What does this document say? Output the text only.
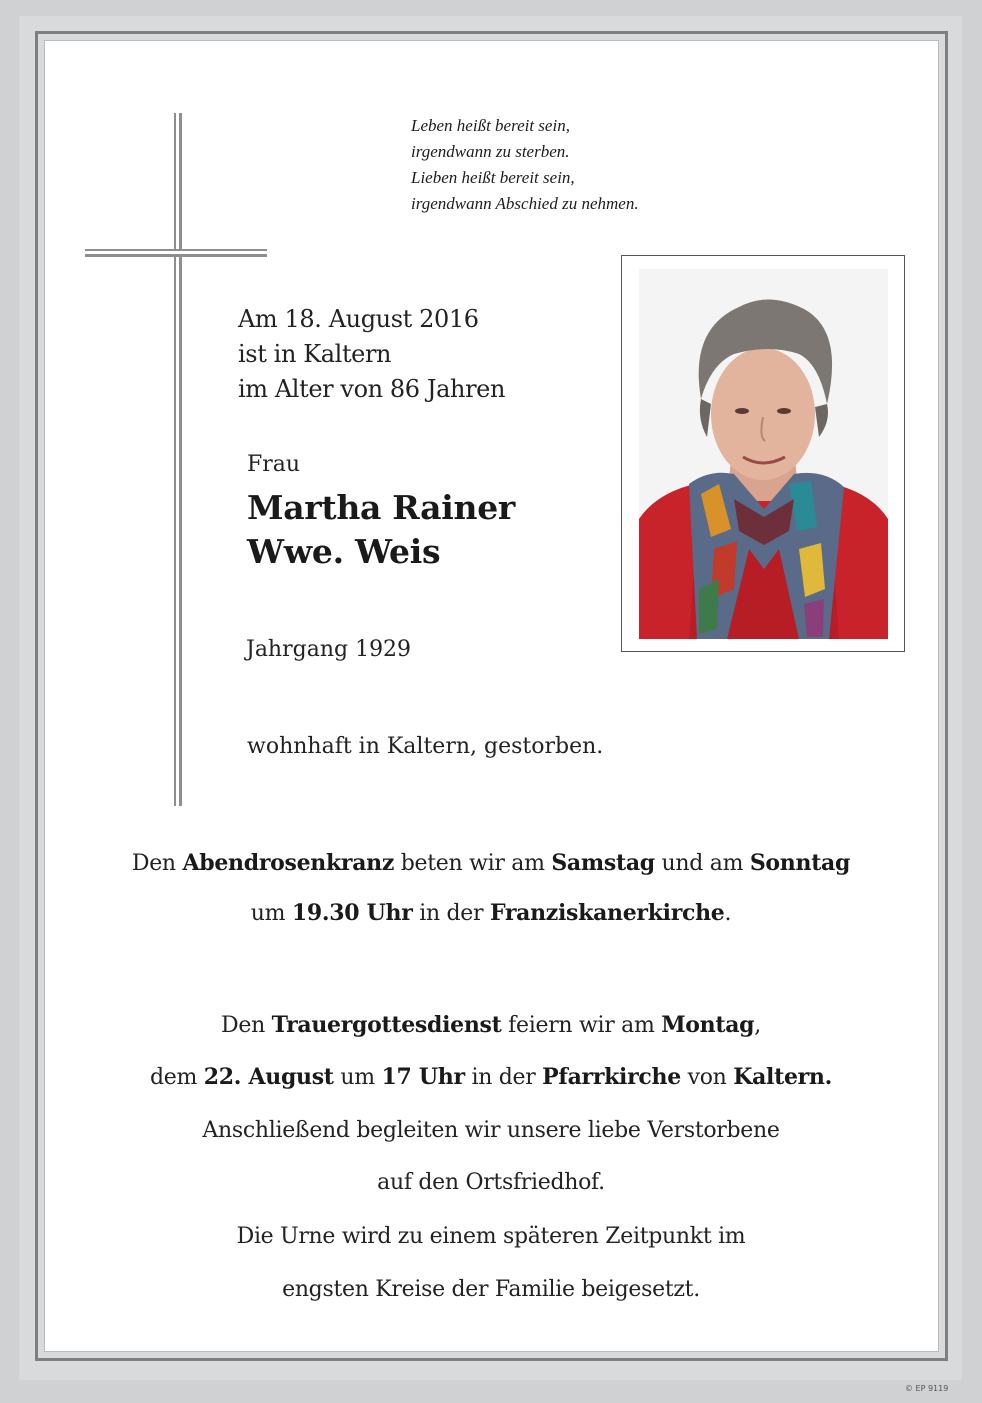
Leben heißt bereit sein,
irgendwann zu sterben.
Lieben heißt bereit sein,
irgendwann Abschied zu nehmen.
Am 18. August 2016
ist in Kaltern
im Alter von 86 Jahren
Frau
Martha Rainer
Wwe. Weis
Jahrgang 1929
wohnhaft in Kaltern, gestorben.
Den Abendrosenkranz beten wir am Samstag und am Sonntag
um 19.30 Uhr in der Franziskanerkirche.
Den Trauergottesdienst feiern wir am Montag,
dem 22. August um 17 Uhr in der Pfarrkirche von Kaltern.
Anschließend begleiten wir unsere liebe Verstorbene
auf den Ortsfriedhof.
Die Urne wird zu einem späteren Zeitpunkt im
engsten Kreise der Familie beigesetzt.
© EP 9119
